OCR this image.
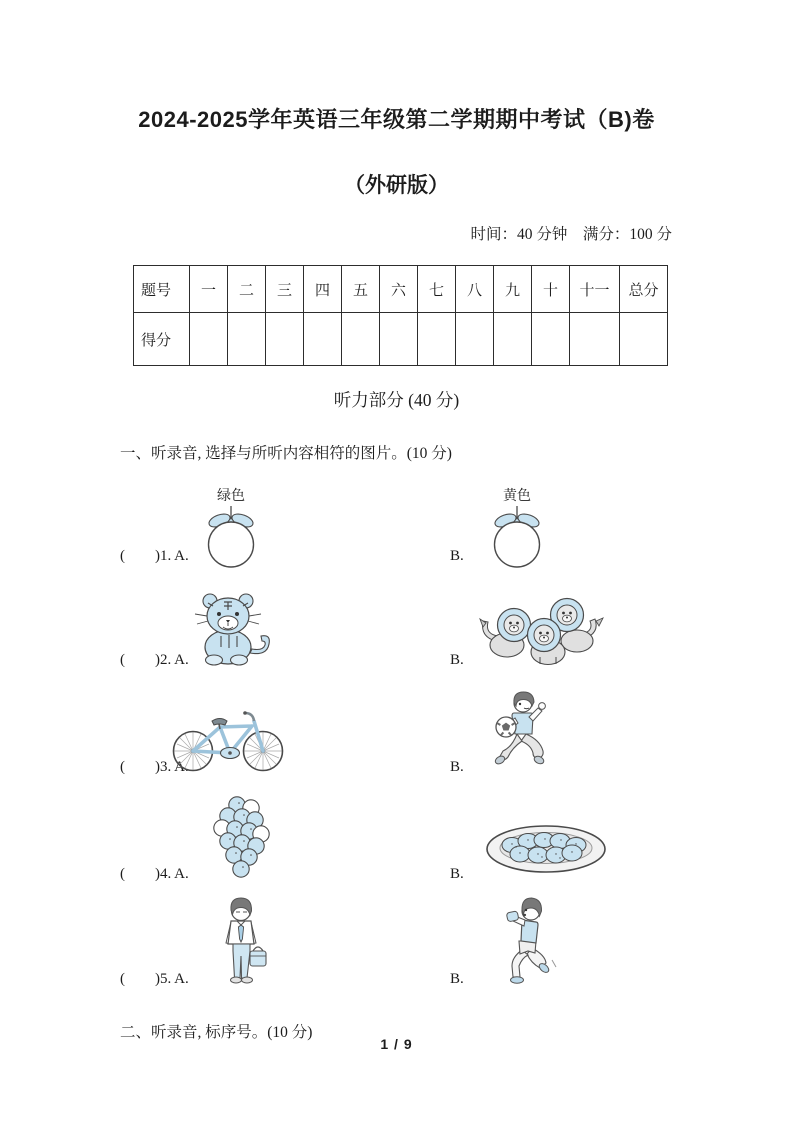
2024-2025学年英语三年级第二学期期中考试（B)卷
（外研版）
时间：40 分钟　满分：100 分
题号	一	二	三	四	五	六	七	八	九	十	十一	总分
得分												
听力部分 (40 分)
一、听录音, 选择与所听内容相符的图片。(10 分)
(　　)1. A.
绿色
B.
黄色
(　　)2. A.	B.
(　　)3. A.	B.
(　　)4. A.	B.
(　　)5. A.	B.
二、听录音, 标序号。(10 分)
1 / 9
